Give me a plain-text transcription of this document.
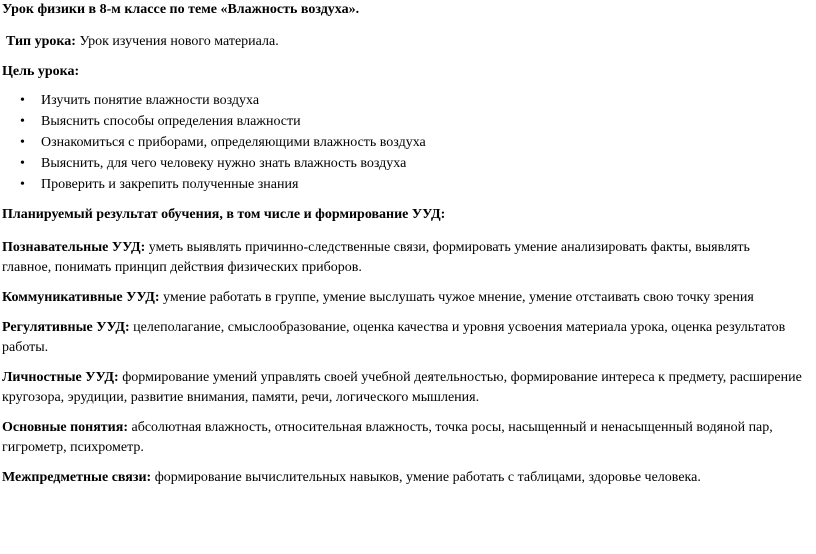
Урок физики в 8-м классе по теме «Влажность воздуха».

Тип урока: Урок изучения нового материала.

Цель урока:

• Изучить понятие влажности воздуха
• Выяснить способы определения влажности
• Ознакомиться с приборами, определяющими влажность воздуха
• Выяснить, для чего человеку нужно знать влажность воздуха
• Проверить и закрепить полученные знания

Планируемый результат обучения, в том числе и формирование УУД:

Познавательные УУД: уметь выявлять причинно-следственные связи, формировать умение анализировать факты, выявлять главное, понимать принцип действия физических приборов.

Коммуникативные УУД: умение работать в группе, умение выслушать чужое мнение, умение отстаивать свою точку зрения

Регулятивные УУД: целеполагание, смыслообразование, оценка качества и уровня усвоения материала урока, оценка результатов работы.

Личностные УУД: формирование умений управлять своей учебной деятельностью, формирование интереса к предмету, расширение кругозора, эрудиции, развитие внимания, памяти, речи, логического мышления.

Основные понятия: абсолютная влажность, относительная влажность, точка росы, насыщенный и ненасыщенный водяной пар, гигрометр, психрометр.

Межпредметные связи: формирование вычислительных навыков, умение работать с таблицами, здоровье человека.
